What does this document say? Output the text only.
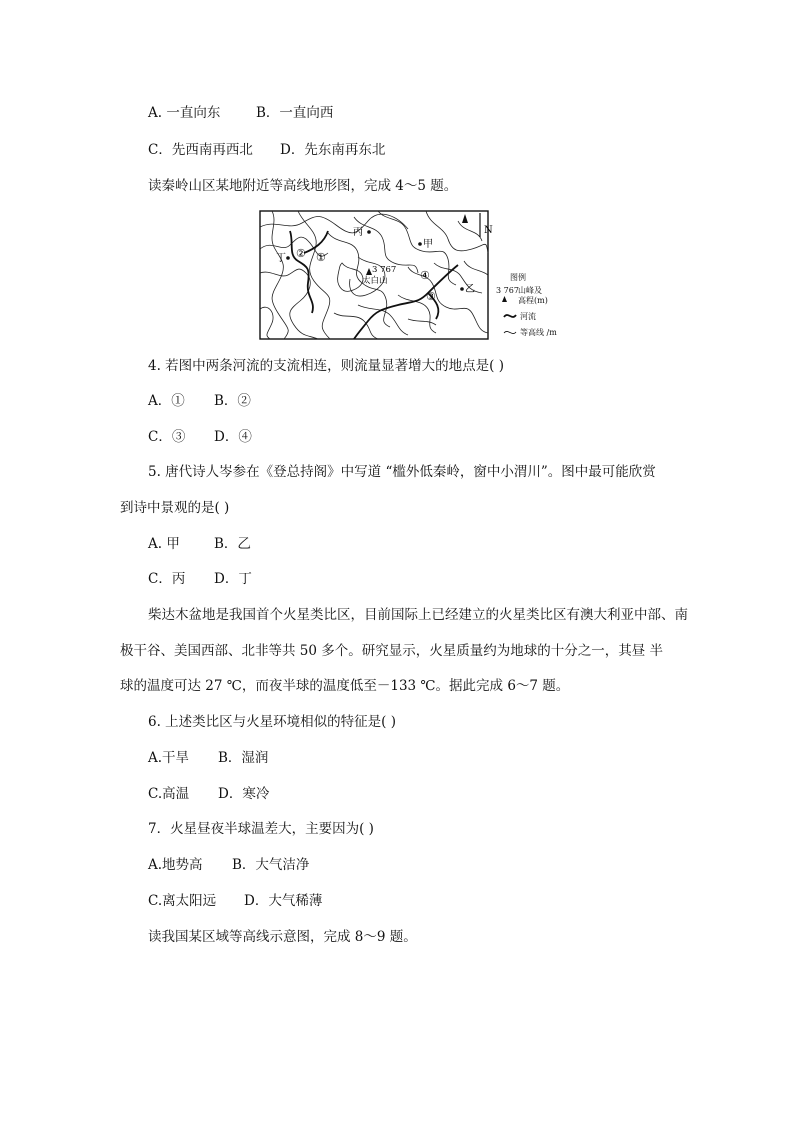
A. 一直向东	B．一直向西
C．先西南再西北 D．先东南再东北
读秦岭山区某地附近等高线地形图，完成 4～5 题。
丙
甲
丁 ② ①
④
③
3 767
太白山
乙
N
图例
3 767 山峰及
高程(m)
河流
等高线 /m
4. 若图中两条河流的支流相连，则流量显著增大的地点是( )
A．① B．②
C．③ D．④
5. 唐代诗人岑参在《登总持阁》中写道 “槛外低秦岭，窗中小渭川”。图中最可能欣赏
到诗中景观的是( )
A. 甲	B．乙
C．丙 D．丁
柴达木盆地是我国首个火星类比区，目前国际上已经建立的火星类比区有澳大利亚中部、南
极干谷、美国西部、北非等共 50 多个。研究显示，火星质量约为地球的十分之一，其昼 半
球的温度可达 27 ℃，而夜半球的温度低至－133 ℃。据此完成 6～7 题。
6. 上述类比区与火星环境相似的特征是( )
A.干旱 B．湿润
C.高温 D．寒冷
7．火星昼夜半球温差大，主要因为( )
A.地势高 B．大气洁净
C.离太阳远 D．大气稀薄
读我国某区域等高线示意图，完成 8～9 题。
